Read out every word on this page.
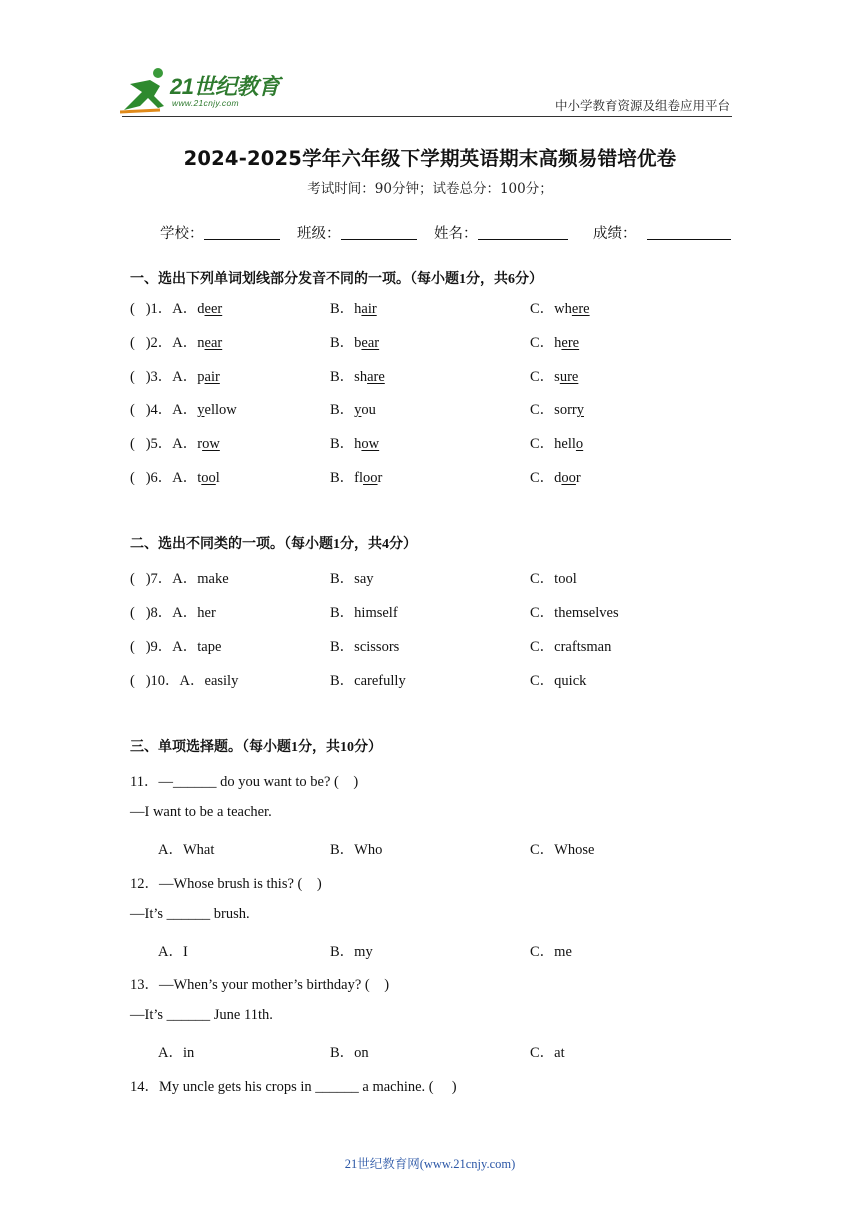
21世纪教育
www.21cnjy.com	中小学教育资源及组卷应用平台
2024-2025学年六年级下学期英语期末高频易错培优卷
考试时间：90分钟；试卷总分：100分；
学校：	班级：	姓名：	成绩：
一、选出下列单词划线部分发音不同的一项。（每小题1分，共6分）
(   )1．A．deer	B．hair	C．where
(   )2．A．near	B．bear	C．here
(   )3．A．pair	B．share	C．sure
(   )4．A．yellow	B．you	C．sorry
(   )5．A．row	B．how	C．hello
(   )6．A．tool	B．floor	C．door
二、选出不同类的一项。（每小题1分，共4分）
(   )7．A．make	B．say	C．tool
(   )8．A．her	B．himself	C．themselves
(   )9．A．tape	B．scissors	C．craftsman
(   )10．A．easily	B．carefully	C．quick
三、单项选择题。（每小题1分，共10分）
11．—______ do you want to be? (    )
—I want to be a teacher.
A．What	B．Who	C．Whose
12．—Whose brush is this? (    )
—It’s ______ brush.
A．I	B．my	C．me
13．—When’s your mother’s birthday? (    )
—It’s ______ June 11th.
A．in	B．on	C．at
14．My uncle gets his crops in ______ a machine. (     )
21世纪教育网(www.21cnjy.com)
